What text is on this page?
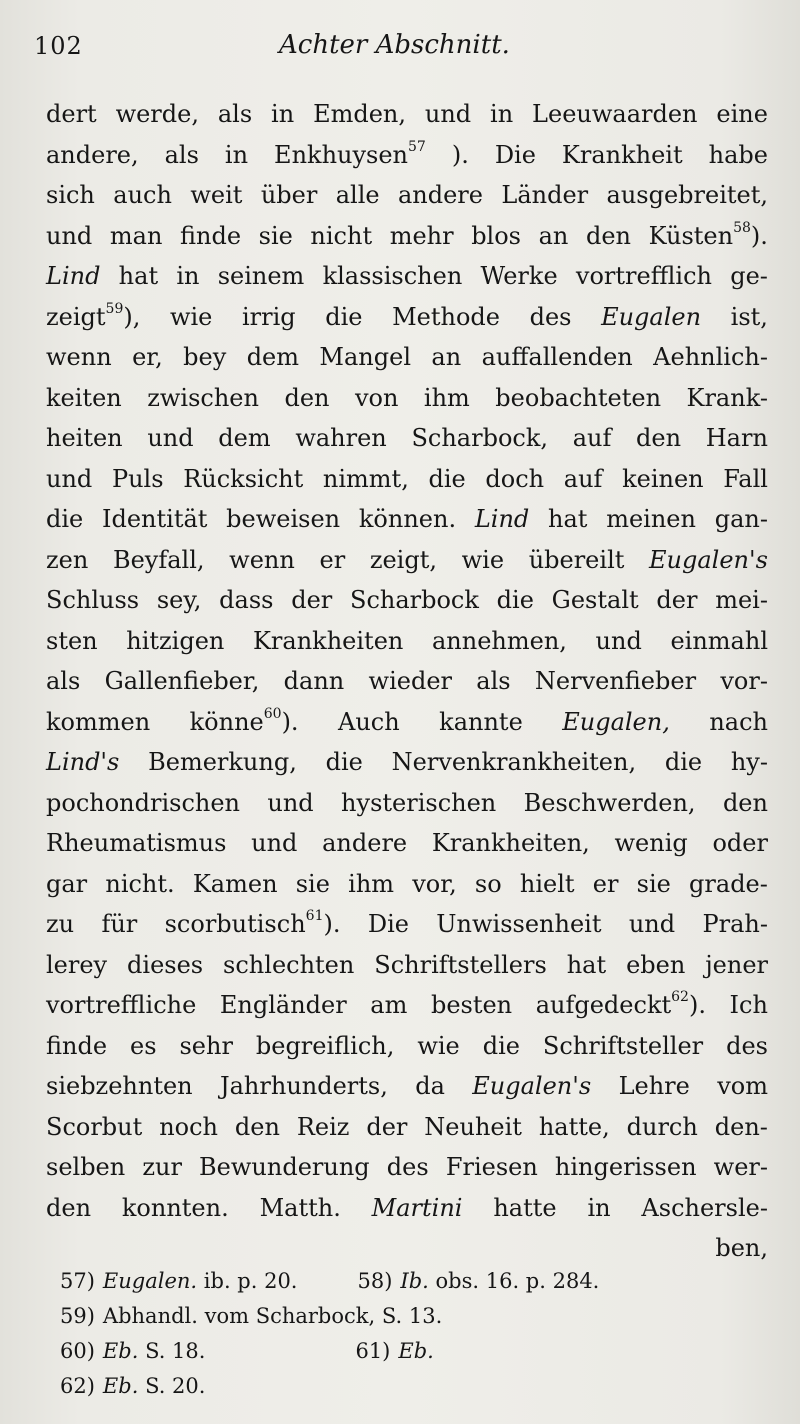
102	Achter Abschnitt.
dert werde, als in Emden, und in Leeuwaarden eine
andere, als in Enkhuysen$^{57}$ ). Die Krankheit habe
sich auch weit über alle andere Länder ausgebreitet,
und man finde sie nicht mehr blos an den Küsten$^{58}$).
Lind hat in seinem klassischen Werke vortrefflich ge-
zeigt$^{59}$), wie irrig die Methode des Eugalen ist,
wenn er, bey dem Mangel an auffallenden Aehnlich-
keiten zwischen den von ihm beobachteten Krank-
heiten und dem wahren Scharbock, auf den Harn
und Puls Rücksicht nimmt, die doch auf keinen Fall
die Identität beweisen können. Lind hat meinen gan-
zen Beyfall, wenn er zeigt, wie übereilt Eugalen's
Schluss sey, dass der Scharbock die Gestalt der mei-
sten hitzigen Krankheiten annehmen, und einmahl
als Gallenfieber, dann wieder als Nervenfieber vor-
kommen könne$^{60}$). Auch kannte Eugalen, nach
Lind's Bemerkung, die Nervenkrankheiten, die hy-
pochondrischen und hysterischen Beschwerden, den
Rheumatismus und andere Krankheiten, wenig oder
gar nicht. Kamen sie ihm vor, so hielt er sie grade-
zu für scorbutisch$^{61}$). Die Unwissenheit und Prah-
lerey dieses schlechten Schriftstellers hat eben jener
vortreffliche Engländer am besten aufgedeckt$^{62}$). Ich
finde es sehr begreiflich, wie die Schriftsteller des
siebzehnten Jahrhunderts, da Eugalen's Lehre vom
Scorbut noch den Reiz der Neuheit hatte, durch den-
selben zur Bewunderung des Friesen hingerissen wer-
den konnten. Matth. Martini hatte in Aschersle-
ben,
57) Eugalen. ib. p. 20.	58) Ib. obs. 16. p. 284.
59) Abhandl. vom Scharbock, S. 13.
60) Eb. S. 18.	61) Eb.
62) Eb. S. 20.
